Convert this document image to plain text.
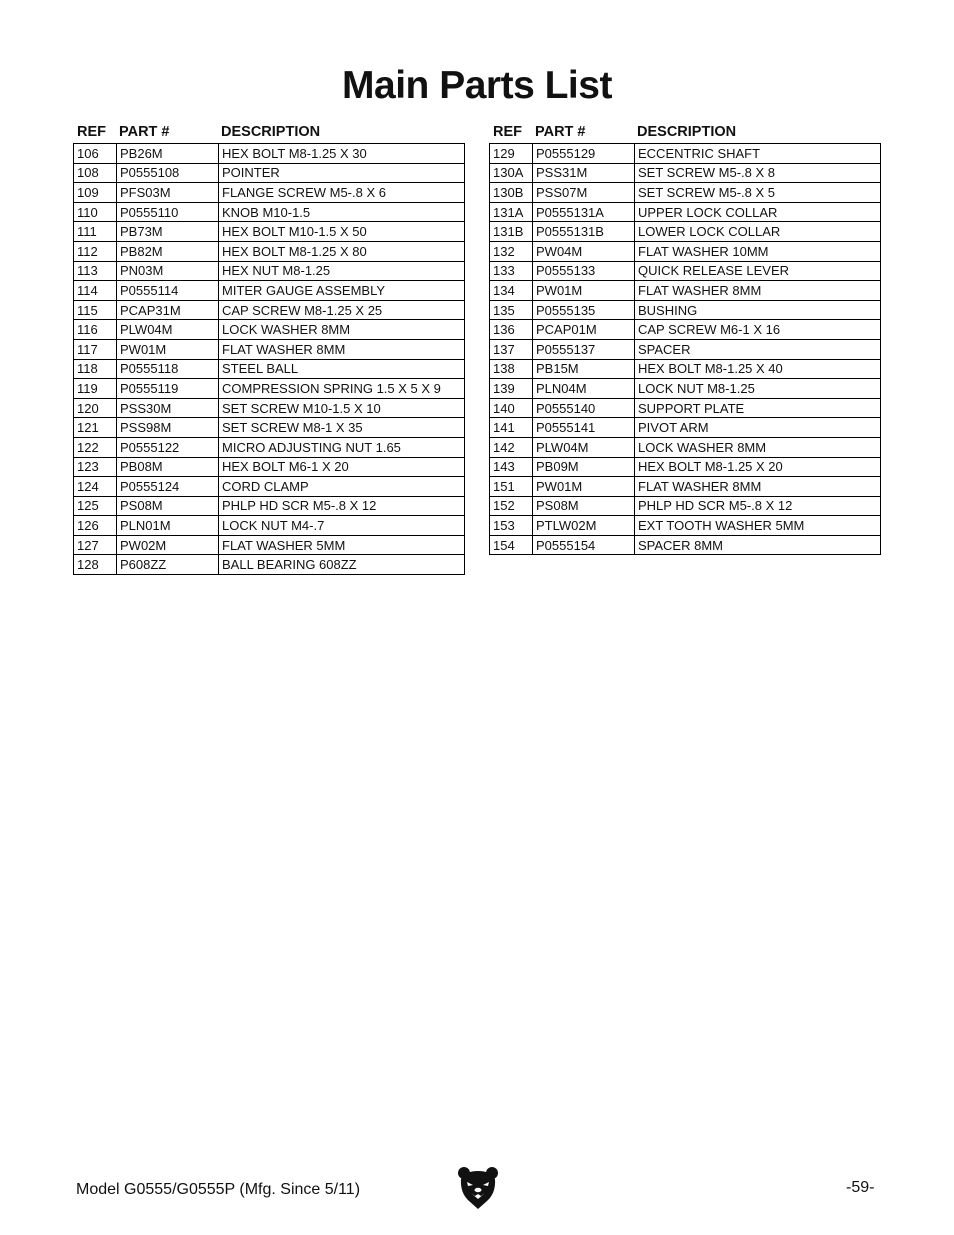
Main Parts List
REF PART #	DESCRIPTION
106	PB26M	HEX BOLT M8-1.25 X 30
108	P0555108	POINTER
109	PFS03M	FLANGE SCREW M5-.8 X 6
110	P0555110	KNOB M10-1.5
111	PB73M	HEX BOLT M10-1.5 X 50
112	PB82M	HEX BOLT M8-1.25 X 80
113	PN03M	HEX NUT M8-1.25
114	P0555114	MITER GAUGE ASSEMBLY
115	PCAP31M	CAP SCREW M8-1.25 X 25
116	PLW04M	LOCK WASHER 8MM
117	PW01M	FLAT WASHER 8MM
118	P0555118	STEEL BALL
119	P0555119	COMPRESSION SPRING 1.5 X 5 X 9
120	PSS30M	SET SCREW M10-1.5 X 10
121	PSS98M	SET SCREW M8-1 X 35
122	P0555122	MICRO ADJUSTING NUT 1.65
123	PB08M	HEX BOLT M6-1 X 20
124	P0555124	CORD CLAMP
125	PS08M	PHLP HD SCR M5-.8 X 12
126	PLN01M	LOCK NUT M4-.7
127	PW02M	FLAT WASHER 5MM
128	P608ZZ	BALL BEARING 608ZZ
REF PART #	DESCRIPTION
129	P0555129	ECCENTRIC SHAFT
130A PSS31M	SET SCREW M5-.8 X 8
130B PSS07M	SET SCREW M5-.8 X 5
131A P0555131A	UPPER LOCK COLLAR
131B P0555131B	LOWER LOCK COLLAR
132	PW04M	FLAT WASHER 10MM
133	P0555133	QUICK RELEASE LEVER
134	PW01M	FLAT WASHER 8MM
135	P0555135	BUSHING
136	PCAP01M	CAP SCREW M6-1 X 16
137	P0555137	SPACER
138	PB15M	HEX BOLT M8-1.25 X 40
139	PLN04M	LOCK NUT M8-1.25
140	P0555140	SUPPORT PLATE
141	P0555141	PIVOT ARM
142	PLW04M	LOCK WASHER 8MM
143	PB09M	HEX BOLT M8-1.25 X 20
151	PW01M	FLAT WASHER 8MM
152	PS08M	PHLP HD SCR M5-.8 X 12
153	PTLW02M	EXT TOOTH WASHER 5MM
154	P0555154	SPACER 8MM
Model G0555/G0555P (Mfg. Since 5/11)	-59-
